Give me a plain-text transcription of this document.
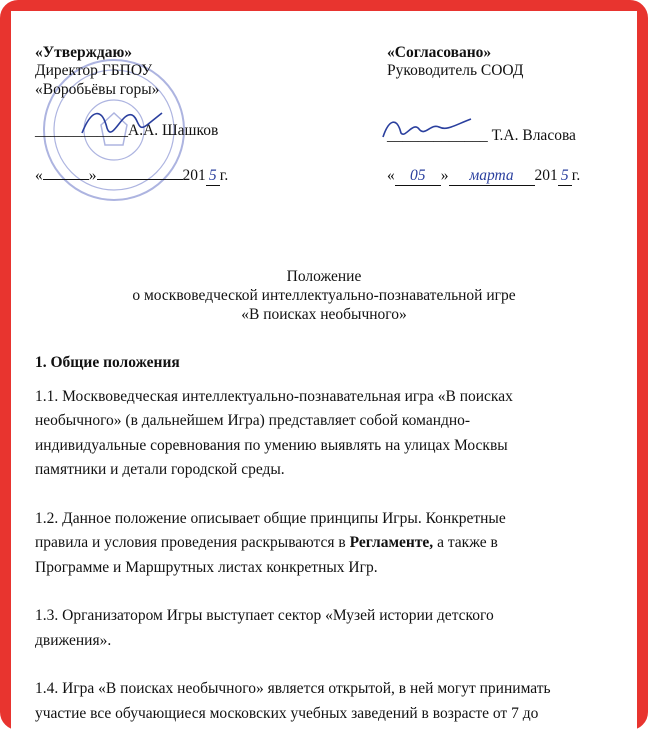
«Утверждаю»
Директор ГБПОУ
«Воробьёвы горы»
____________А.А. Шашков
«	»	201 5 г.
«Согласовано»
Руководитель СООД
_____________ Т.А. Власова
« 05 » марта 201 5 г.
Положение
о москвоведческой интеллектуально-познавательной игре
«В поисках необычного»
1. Общие положения
1.1. Москвоведческая интеллектуально-познавательная игра «В поисках
необычного» (в дальнейшем Игра) представляет собой командно-
индивидуальные соревнования по умению выявлять на улицах Москвы
памятники и детали городской среды.
1.2. Данное положение описывает общие принципы Игры. Конкретные
правила и условия проведения раскрываются в Регламенте, а также в
Программе и Маршрутных листах конкретных Игр.
1.3. Организатором Игры выступает сектор «Музей истории детского
движения».
1.4. Игра «В поисках необычного» является открытой, в ней могут принимать
участие все обучающиеся московских учебных заведений в возрасте от 7 до
